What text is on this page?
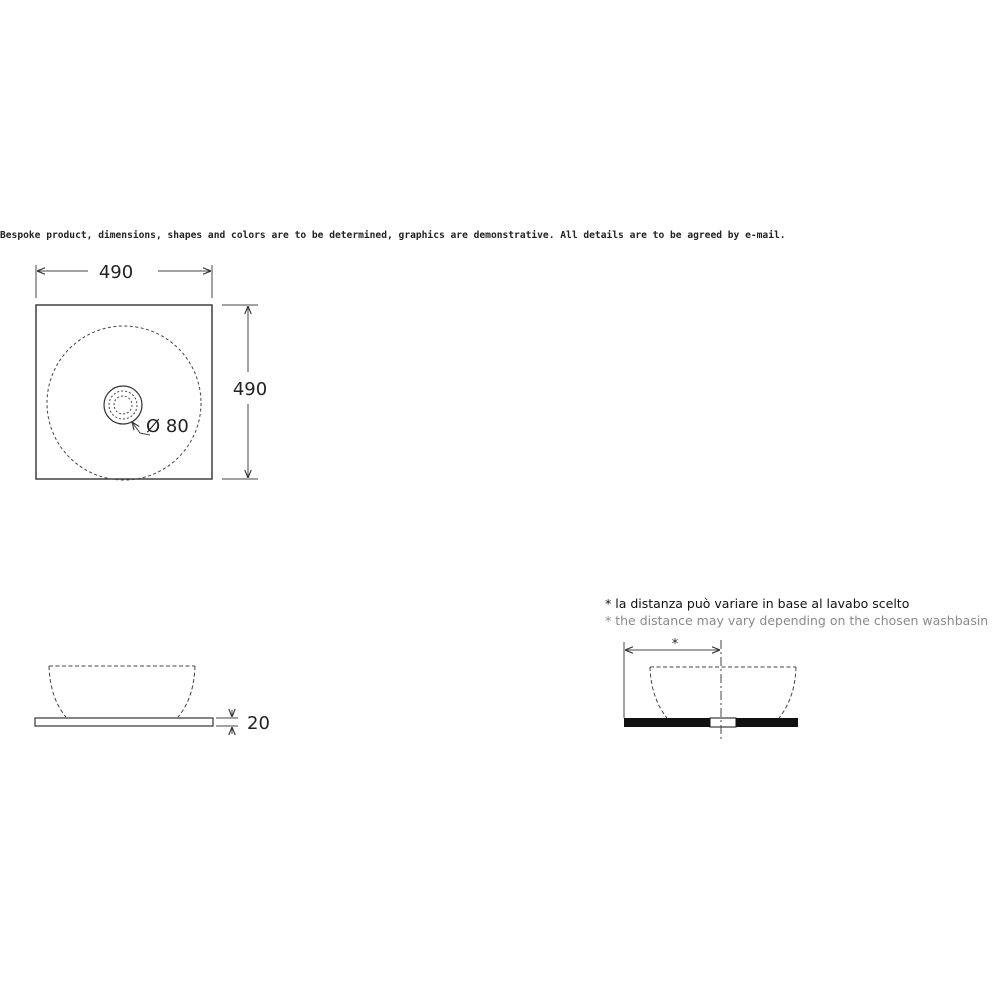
Bespoke product, dimensions, shapes and colors are to be determined, graphics are demonstrative. All details are to be agreed by e-mail.
490
Ø 80
490
20
* la distanza può variare in base al lavabo scelto
* the distance may vary depending on the chosen washbasin
*
